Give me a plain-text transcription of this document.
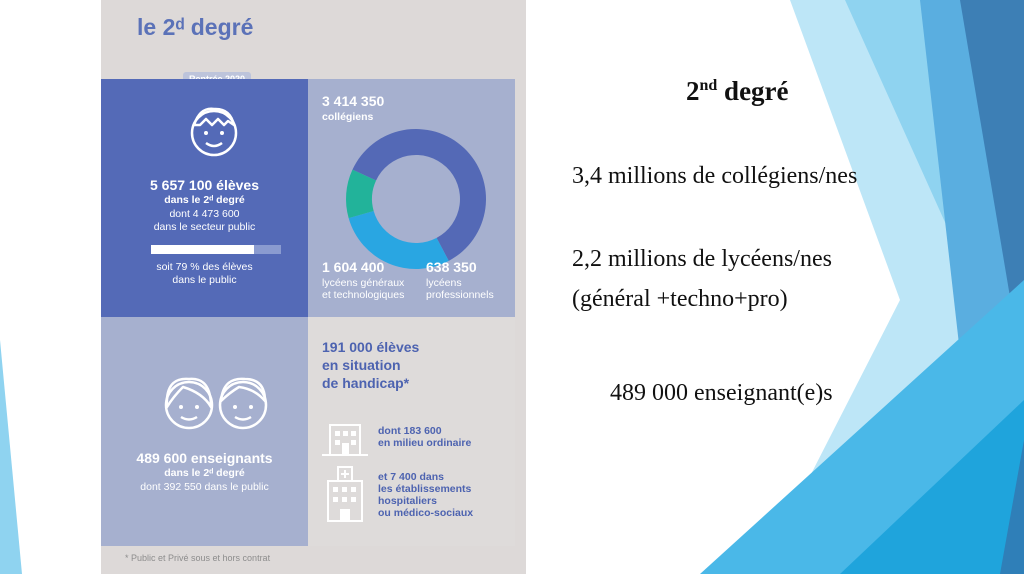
le 2ᵈ degré
5 657 100 élèves
dans le 2ᵈ degré
dont 4 473 600
dans le secteur public
soit 79 % des élèves
dans le public
3 414 350
collégiens
1 604 400
lycéens généraux
et technologiques
638 350
lycéens
professionnels
489 600 enseignants
dans le 2ᵈ degré
dont 392 550 dans le public
191 000 élèves
en situation
de handicap*
dont 183 600
en milieu ordinaire
et 7 400 dans
les établissements
hospitaliers
ou médico-sociaux
* Public et Privé sous et hors contrat
2nd degré
3,4 millions de collégiens/nes
2,2 millions de lycéens/nes
(général +techno+pro)
489 000 enseignant(e)s
